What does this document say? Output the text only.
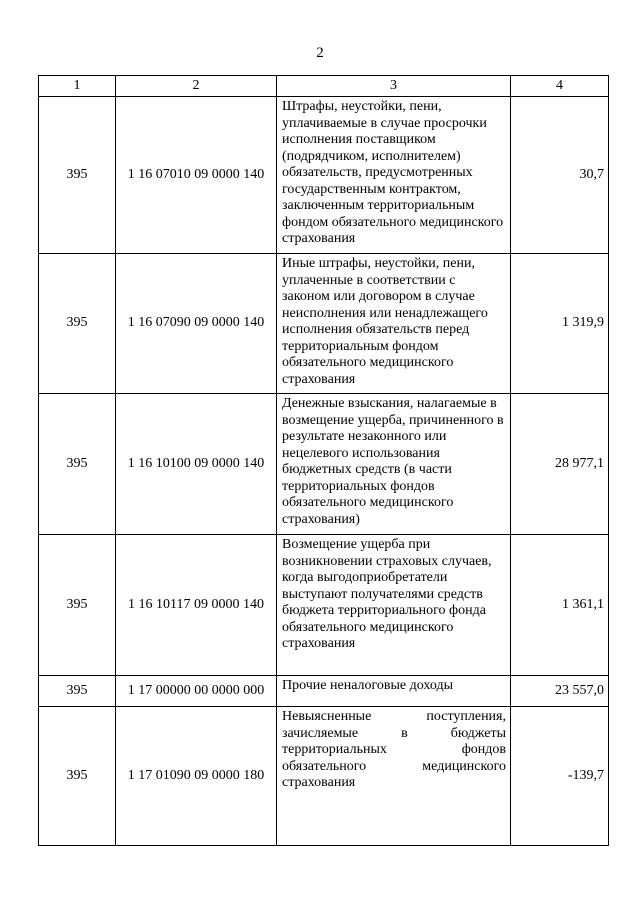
2
1	2	3	4
395	1 16 07010 09 0000 140	Штрафы, неустойки, пени, уплачиваемые в случае просрочки исполнения поставщиком (подрядчиком, исполнителем) обязательств, предусмотренных государственным контрактом, заключенным территориальным фондом обязательного медицинского страхования	30,7
395	1 16 07090 09 0000 140	Иные штрафы, неустойки, пени, уплаченные в соответствии с законом или договором в случае неисполнения или ненадлежащего исполнения обязательств перед территориальным фондом обязательного медицинского страхования	1 319,9
395	1 16 10100 09 0000 140	Денежные взыскания, налагаемые в возмещение ущерба, причиненного в результате незаконного или нецелевого использования бюджетных средств (в части территориальных фондов обязательного медицинского страхования)	28 977,1
395	1 16 10117 09 0000 140	Возмещение ущерба при возникновении страховых случаев, когда выгодоприобретатели выступают получателями средств бюджета территориального фонда обязательного медицинского страхования	1 361,1
395	1 17 00000 00 0000 000	Прочие неналоговые доходы	23 557,0
395	1 17 01090 09 0000 180	Невыясненные поступления, зачисляемые в бюджеты территориальных фондов обязательного медицинского страхования	-139,7
